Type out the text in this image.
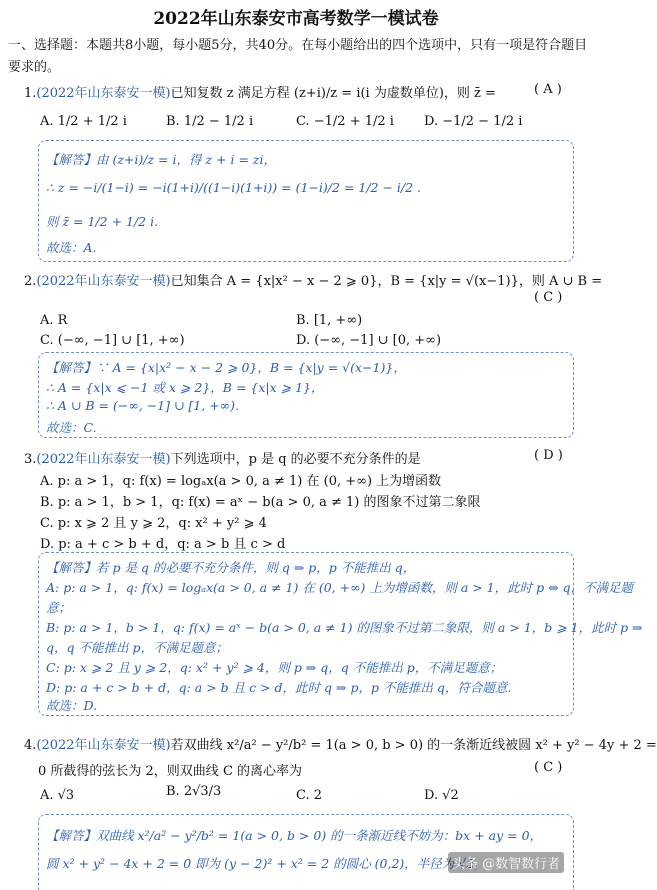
2022年山东泰安市高考数学一模试卷
一、选择题：本题共8小题，每小题5分，共40分。在每小题给出的四个选项中，只有一项是符合题目
要求的。
1.(2022年山东泰安一模)已知复数 z 满足方程 (z+i)/z = i(i 为虚数单位)，则 z̄ =	( A )
A. 1/2 + 1/2 i	B. 1/2 − 1/2 i	C. −1/2 + 1/2 i D. −1/2 − 1/2 i
【解答】由 (z+i)/z = i，得 z + i = zi，
∴ z = −i/(1−i) = −i(1+i)/((1−i)(1+i)) = (1−i)/2 = 1/2 − i/2 .
则 z̄ = 1/2 + 1/2 i.
故选：A.
2.(2022年山东泰安一模)已知集合 A = {x|x² − x − 2 ⩾ 0}，B = {x|y = √(x−1)}，则 A ∪ B =
( C )
A. R	B. [1, +∞)
C. (−∞, −1] ∪ [1, +∞)	D. (−∞, −1] ∪ [0, +∞)
【解答】∵ A = {x|x² − x − 2 ⩾ 0}，B = {x|y = √(x−1)}，
∴ A = {x|x ⩽ −1 或 x ⩾ 2}，B = {x|x ⩾ 1}，
∴ A ∪ B = (−∞, −1] ∪ [1, +∞).
故选：C.
3.(2022年山东泰安一模)下列选项中，p 是 q 的必要不充分条件的是	( D )
A. p: a > 1，q: f(x) = logₐx(a > 0, a ≠ 1) 在 (0, +∞) 上为增函数
B. p: a > 1，b > 1，q: f(x) = aˣ − b(a > 0, a ≠ 1) 的图象不过第二象限
C. p: x ⩾ 2 且 y ⩾ 2，q: x² + y² ⩾ 4
D. p: a + c > b + d，q: a > b 且 c > d
【解答】若 p 是 q 的必要不充分条件，则 q ⇒ p，p 不能推出 q，
A: p: a > 1，q: f(x) = logₐx(a > 0, a ≠ 1) 在 (0, +∞) 上为增函数，则 a > 1，此时 p ⇔ q，不满足题
意；
B: p: a > 1，b > 1，q: f(x) = aˣ − b(a > 0, a ≠ 1) 的图象不过第二象限，则 a > 1，b ⩾ 1，此时 p ⇒
q，q 不能推出 p，不满足题意；
C: p: x ⩾ 2 且 y ⩾ 2，q: x² + y² ⩾ 4，则 p ⇒ q，q 不能推出 p，不满足题意；
D: p: a + c > b + d，q: a > b 且 c > d，此时 q ⇒ p，p 不能推出 q，符合题意.
故选：D.
4.(2022年山东泰安一模)若双曲线 x²/a² − y²/b² = 1(a > 0, b > 0) 的一条渐近线被圆 x² + y² − 4y + 2 =
0 所截得的弦长为 2，则双曲线 C 的离心率为	( C )
A. √3	B. 2√3/3	C. 2	D. √2
【解答】双曲线 x²/a² − y²/b² = 1(a > 0, b > 0) 的一条渐近线不妨为：bx + ay = 0，
圆 x² + y² − 4x + 2 = 0 即为 (y − 2)² + x² = 2 的圆心 (0,2)，半径为 √2，
头条 @数智数行者
